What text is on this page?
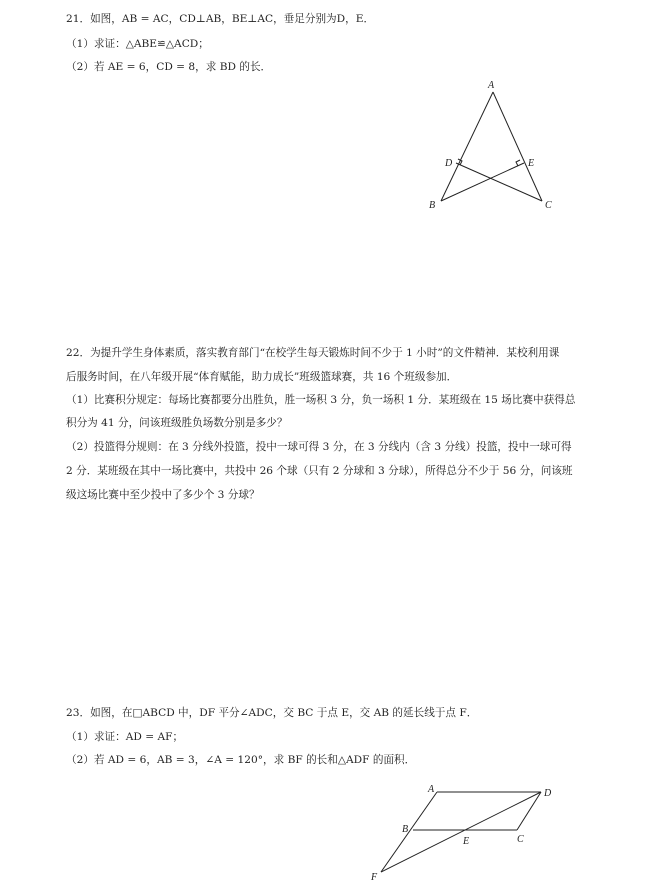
21．如图，AB = AC，CD⊥AB，BE⊥AC，垂足分别为D，E．
（1）求证：△ABE≌△ACD；
（2）若 AE = 6，CD = 8，求 BD 的长．
A
B	C
D	E
22．为提升学生身体素质，落实教育部门“在校学生每天锻炼时间不少于 1 小时”的文件精神．某校利用课
后服务时间，在八年级开展“体育赋能，助力成长”班级篮球赛，共 16 个班级参加．
（1）比赛积分规定：每场比赛都要分出胜负，胜一场积 3 分，负一场积 1 分．某班级在 15 场比赛中获得总
积分为 41 分，问该班级胜负场数分别是多少？
（2）投篮得分规则：在 3 分线外投篮，投中一球可得 3 分，在 3 分线内（含 3 分线）投篮，投中一球可得
2 分．某班级在其中一场比赛中，共投中 26 个球（只有 2 分球和 3 分球），所得总分不少于 56 分，问该班
级这场比赛中至少投中了多少个 3 分球？
23．如图，在□ABCD 中，DF 平分∠ADC，交 BC 于点 E，交 AB 的延长线于点 F．
（1）求证：AD = AF；
（2）若 AD = 6，AB = 3，∠A = 120°，求 BF 的长和△ADF 的面积．
A	D
B
E	C
F
